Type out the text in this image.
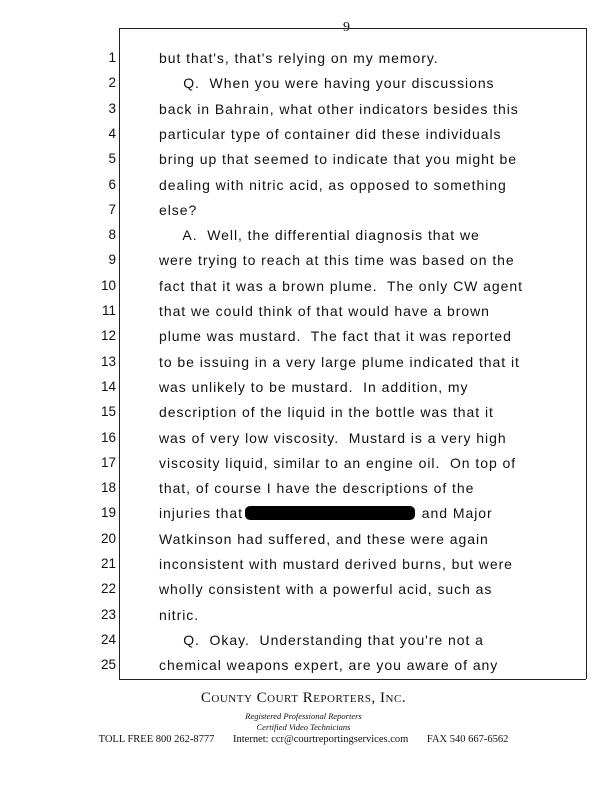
9
1	but that's, that's relying on my memory.
2	Q.  When you were having your discussions
3	back in Bahrain, what other indicators besides this
4	particular type of container did these individuals
5	bring up that seemed to indicate that you might be
6	dealing with nitric acid, as opposed to something
7	else?
8	A.  Well, the differential diagnosis that we
9	were trying to reach at this time was based on the
10	fact that it was a brown plume.  The only CW agent
11	that we could think of that would have a brown
12	plume was mustard.  The fact that it was reported
13	to be issuing in a very large plume indicated that it
14	was unlikely to be mustard.  In addition, my
15	description of the liquid in the bottle was that it
16	was of very low viscosity.  Mustard is a very high
17	viscosity liquid, similar to an engine oil.  On top of
18	that, of course I have the descriptions of the
19	injuries that	and Major
20	Watkinson had suffered, and these were again
21	inconsistent with mustard derived burns, but were
22	wholly consistent with a powerful acid, such as
23	nitric.
24	Q.  Okay.  Understanding that you're not a
25	chemical weapons expert, are you aware of any
County Court Reporters, Inc.
Registered Professional Reporters
Certified Video Technicians
TOLL FREE 800 262-8777 Internet: ccr@courtreportingservices.com FAX 540 667-6562
